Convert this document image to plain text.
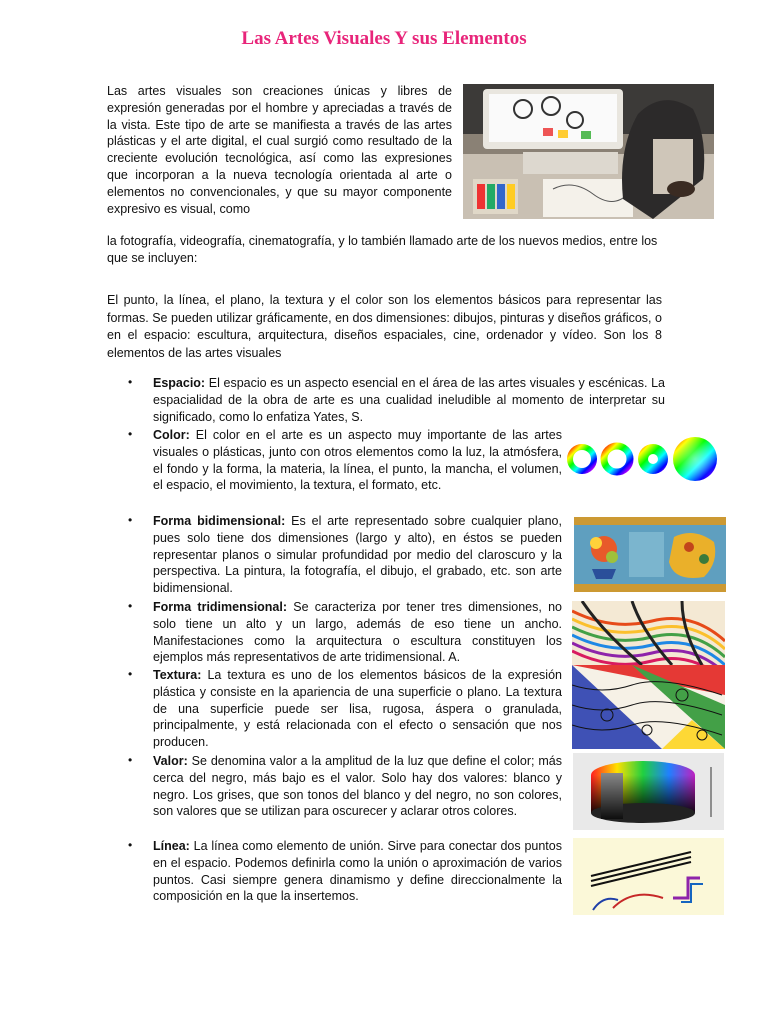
Las Artes Visuales Y sus Elementos

Las artes visuales son creaciones únicas y libres de expresión generadas por el hombre y apreciadas a través de la vista. Este tipo de arte se manifiesta a través de las artes plásticas y el arte digital, el cual surgió como resultado de la creciente evolución tecnológica, así como las expresiones que incorporan a la nueva tecnología orientada al arte o elementos no convencionales, y que su mayor componente expresivo es visual, como

la fotografía, videografía, cinematografía, y lo también llamado arte de los nuevos medios, entre los que se incluyen:

El punto, la línea, el plano, la textura y el color son los elementos básicos para representar las formas. Se pueden utilizar gráficamente, en dos dimensiones: dibujos, pinturas y diseños gráficos, o en el espacio: escultura, arquitectura, diseños espaciales, cine, ordenador y vídeo. Son los 8 elementos de las artes visuales

• Espacio: El espacio es un aspecto esencial en el área de las artes visuales y escénicas. La espacialidad de la obra de arte es una cualidad ineludible al momento de interpretar su significado, como lo enfatiza Yates, S.
• Color: El color en el arte es un aspecto muy importante de las artes visuales o plásticas, junto con otros elementos como la luz, la atmósfera, el fondo y la forma, la materia, la línea, el punto, la mancha, el volumen, el espacio, el movimiento, la textura, el formato, etc.
• Forma bidimensional: Es el arte representado sobre cualquier plano, pues solo tiene dos dimensiones (largo y alto), en éstos se pueden representar planos o simular profundidad por medio del claroscuro y la perspectiva. La pintura, la fotografía, el dibujo, el grabado, etc. son arte bidimensional.
• Forma tridimensional: Se caracteriza por tener tres dimensiones, no solo tiene un alto y un largo, además de eso tiene un ancho. Manifestaciones como la arquitectura o escultura constituyen los ejemplos más representativos de arte tridimensional. A.
• Textura: La textura es uno de los elementos básicos de la expresión plástica y consiste en la apariencia de una superficie o plano. La textura de una superficie puede ser lisa, rugosa, áspera o granulada, principalmente, y está relacionada con el efecto o sensación que nos producen.
• Valor: Se denomina valor a la amplitud de la luz que define el color; más cerca del negro, más bajo es el valor. Solo hay dos valores: blanco y negro. Los grises, que son tonos del blanco y del negro, no son colores, son valores que se utilizan para oscurecer y aclarar otros colores.
• Línea: La línea como elemento de unión. Sirve para conectar dos puntos en el espacio. Podemos definirla como la unión o aproximación de varios puntos. Casi siempre genera dinamismo y define direccionalmente la composición en la que la insertemos.
